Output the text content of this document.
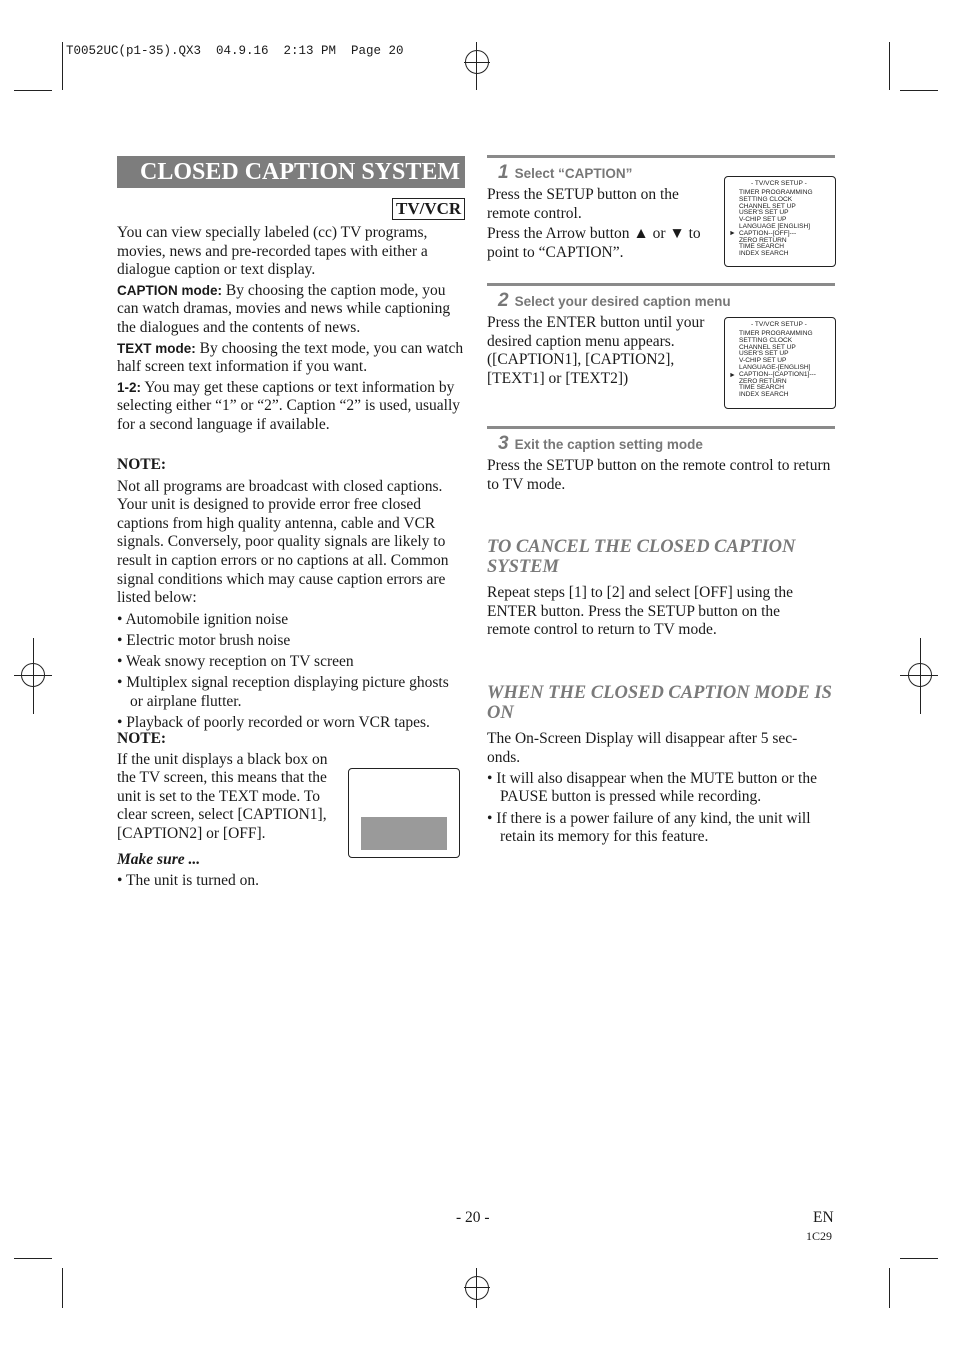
T0052UC(p1-35).QX3  04.9.16  2:13 PM  Page 20
CLOSED CAPTION SYSTEM
TV/VCR
You can view specially labeled (cc) TV programs, movies, news and pre-recorded tapes with either a dialogue caption or text display.
CAPTION mode: By choosing the caption mode, you can watch dramas, movies and news while captioning the dialogues and the contents of news.
TEXT mode: By choosing the text mode, you can watch half screen text information if you want.
1-2: You may get these captions or text information by selecting either “1” or “2”. Caption “2” is used, usually for a second language if available.
NOTE:
Not all programs are broadcast with closed captions. Your unit is designed to provide error free closed captions from high quality antenna, cable and VCR signals. Conversely, poor quality signals are likely to result in caption errors or no captions at all. Common signal conditions which may cause caption errors are listed below:
• Automobile ignition noise
• Electric motor brush noise
• Weak snowy reception on TV screen
• Multiplex signal reception displaying picture ghosts or airplane flutter.
• Playback of poorly recorded or worn VCR tapes.
NOTE:
If the unit displays a black box on the TV screen, this means that the unit is set to the TEXT mode. To clear screen, select [CAPTION1], [CAPTION2] or [OFF].
Make sure ...
• The unit is turned on.
1 Select “CAPTION”
Press the SETUP button on the remote control.
Press the Arrow button ▲ or ▼ to point to “CAPTION”.
- TV/VCR SETUP -
TIMER PROGRAMMING
SETTING CLOCK
CHANNEL SET UP
USER'S SET UP
V-CHIP SET UP
LANGUAGE [ENGLISH]
CAPTION--[OFF]---
ZERO RETURN
TIME SEARCH
INDEX SEARCH
►
2 Select your desired caption menu
Press the ENTER button until your desired caption menu appears. ([CAPTION1], [CAPTION2], [TEXT1] or [TEXT2])
- TV/VCR SETUP -
TIMER PROGRAMMING
SETTING CLOCK
CHANNEL SET UP
USER'S SET UP
V-CHIP SET UP
LANGUAGE-[ENGLISH]
CAPTION--[CAPTION1]---
ZERO RETURN
TIME SEARCH
INDEX SEARCH
►
3 Exit the caption setting mode
Press the SETUP button on the remote control to return to TV mode.
TO CANCEL THE CLOSED CAPTION SYSTEM
Repeat steps [1] to [2] and select [OFF] using the ENTER button. Press the SETUP button on the remote control to return to TV mode.
WHEN THE CLOSED CAPTION MODE IS ON
The On-Screen Display will disappear after 5 sec- onds.
• It will also disappear when the MUTE button or the PAUSE button is pressed while recording.
• If there is a power failure of any kind, the unit will retain its memory for this feature.
- 20 -	EN
1C29
